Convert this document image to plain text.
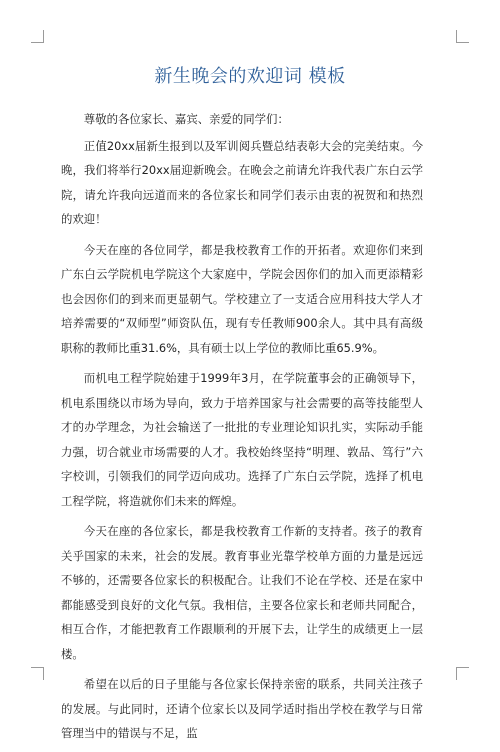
新生晚会的欢迎词 模板

尊敬的各位家长、嘉宾、亲爱的同学们：

正值20xx届新生报到以及军训阅兵暨总结表彰大会的完美结束。今晚，我们将举行20xx届迎新晚会。在晚会之前请允许我代表广东白云学院，请允许我向远道而来的各位家长和同学们表示由衷的祝贺和和热烈的欢迎！

今天在座的各位同学，都是我校教育工作的开拓者。欢迎你们来到广东白云学院机电学院这个大家庭中，学院会因你们的加入而更添精彩也会因你们的到来而更显朝气。学校建立了一支适合应用科技大学人才培养需要的“双师型”师资队伍，现有专任教师900余人。其中具有高级职称的教师比重31.6%，具有硕士以上学位的教师比重65.9%。

而机电工程学院始建于1999年3月，在学院董事会的正确领导下，机电系围绕以市场为导向，致力于培养国家与社会需要的高等技能型人才的办学理念，为社会输送了一批批的专业理论知识扎实，实际动手能力强，切合就业市场需要的人才。我校始终坚持“明理、敦品、笃行”六字校训，引领我们的同学迈向成功。选择了广东白云学院，选择了机电工程学院，将造就你们未来的辉煌。

今天在座的各位家长，都是我校教育工作新的支持者。孩子的教育关乎国家的未来，社会的发展。教育事业光靠学校单方面的力量是远远不够的，还需要各位家长的积极配合。让我们不论在学校、还是在家中都能感受到良好的文化气氛。我相信，主要各位家长和老师共同配合，相互合作，才能把教育工作跟顺利的开展下去，让学生的成绩更上一层楼。

希望在以后的日子里能与各位家长保持亲密的联系，共同关注孩子的发展。与此同时，还请个位家长以及同学适时指出学校在教学与日常管理当中的错误与不足，监
